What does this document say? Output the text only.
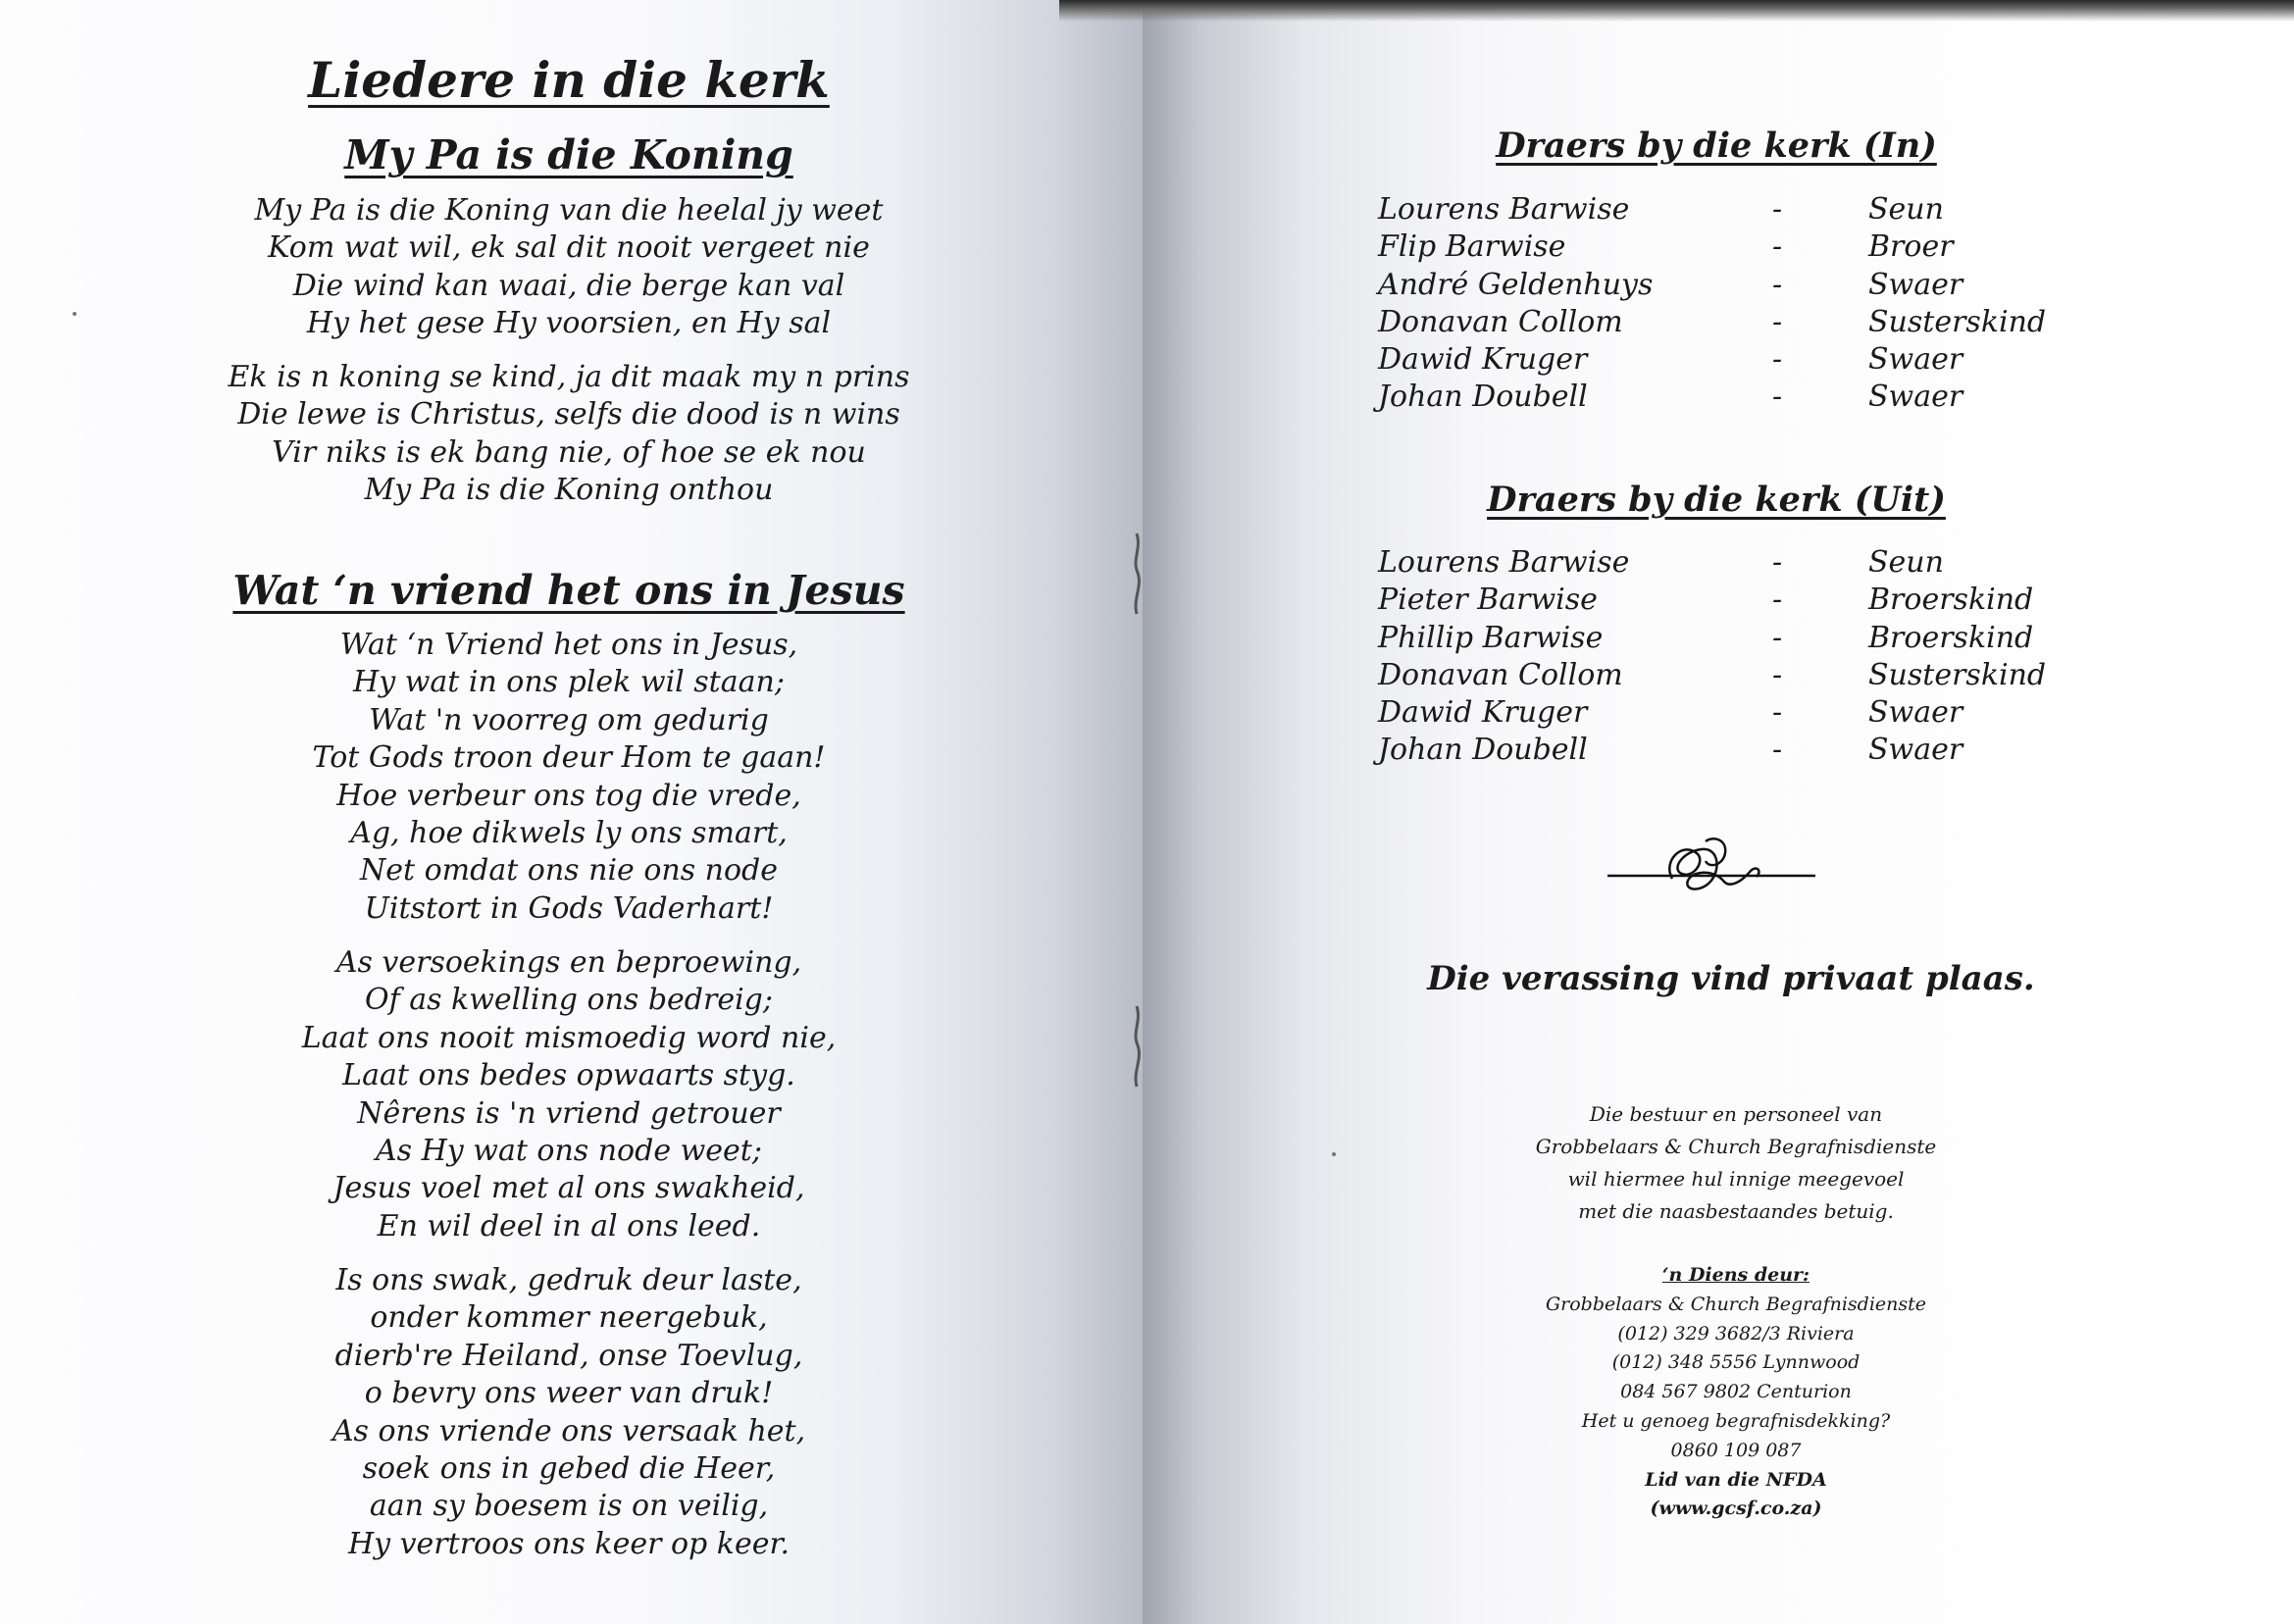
Liedere in die kerk
My Pa is die Koning
My Pa is die Koning van die heelal jy weet
Kom wat wil, ek sal dit nooit vergeet nie
Die wind kan waai, die berge kan val
Hy het gese Hy voorsien, en Hy sal
Ek is n koning se kind, ja dit maak my n prins
Die lewe is Christus, selfs die dood is n wins
Vir niks is ek bang nie, of hoe se ek nou
My Pa is die Koning onthou
Wat ‘n vriend het ons in Jesus
Wat ‘n Vriend het ons in Jesus,
Hy wat in ons plek wil staan;
Wat 'n voorreg om gedurig
Tot Gods troon deur Hom te gaan!
Hoe verbeur ons tog die vrede,
Ag, hoe dikwels ly ons smart,
Net omdat ons nie ons node
Uitstort in Gods Vaderhart!
As versoekings en beproewing,
Of as kwelling ons bedreig;
Laat ons nooit mismoedig word nie,
Laat ons bedes opwaarts styg.
Nêrens is 'n vriend getrouer
As Hy wat ons node weet;
Jesus voel met al ons swakheid,
En wil deel in al ons leed.
Is ons swak, gedruk deur laste,
onder kommer neergebuk,
dierb're Heiland, onse Toevlug,
o bevry ons weer van druk!
As ons vriende ons versaak het,
soek ons in gebed die Heer,
aan sy boesem is on veilig,
Hy vertroos ons keer op keer.
Draers by die kerk (In)
Lourens Barwise	-	Seun
Flip Barwise	-	Broer
André Geldenhuys	-	Swaer
Donavan Collom	-	Susterskind
Dawid Kruger	-	Swaer
Johan Doubell	-	Swaer
Draers by die kerk (Uit)
Lourens Barwise	-	Seun
Pieter Barwise	-	Broerskind
Phillip Barwise	-	Broerskind
Donavan Collom	-	Susterskind
Dawid Kruger	-	Swaer
Johan Doubell	-	Swaer
Die verassing vind privaat plaas.
Die bestuur en personeel van
Grobbelaars & Church Begrafnisdienste
wil hiermee hul innige meegevoel
met die naasbestaandes betuig.
‘n Diens deur:
Grobbelaars & Church Begrafnisdienste
(012) 329 3682/3 Riviera
(012) 348 5556 Lynnwood
084 567 9802 Centurion
Het u genoeg begrafnisdekking?
0860 109 087
Lid van die NFDA
(www.gcsf.co.za)
